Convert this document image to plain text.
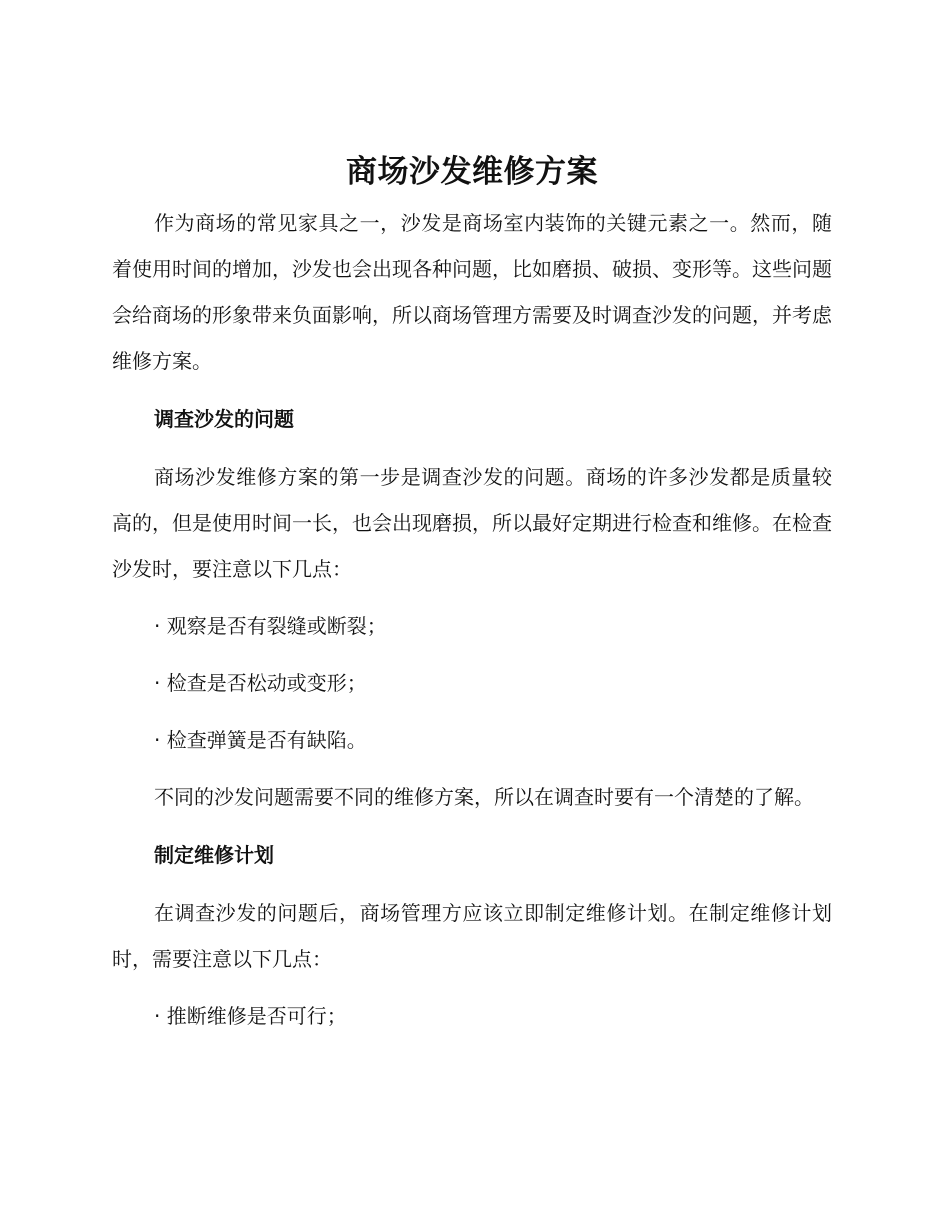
商场沙发维修方案

作为商场的常见家具之一，沙发是商场室内装饰的关键元素之一。然而，随着使用时间的增加，沙发也会出现各种问题，比如磨损、破损、变形等。这些问题会给商场的形象带来负面影响，所以商场管理方需要及时调查沙发的问题，并考虑维修方案。

调查沙发的问题

商场沙发维修方案的第一步是调查沙发的问题。商场的许多沙发都是质量较高的，但是使用时间一长，也会出现磨损，所以最好定期进行检查和维修。在检查沙发时，要注意以下几点：

· 观察是否有裂缝或断裂；

· 检查是否松动或变形；

· 检查弹簧是否有缺陷。

不同的沙发问题需要不同的维修方案，所以在调查时要有一个清楚的了解。

制定维修计划

在调查沙发的问题后，商场管理方应该立即制定维修计划。在制定维修计划时，需要注意以下几点：

· 推断维修是否可行；
